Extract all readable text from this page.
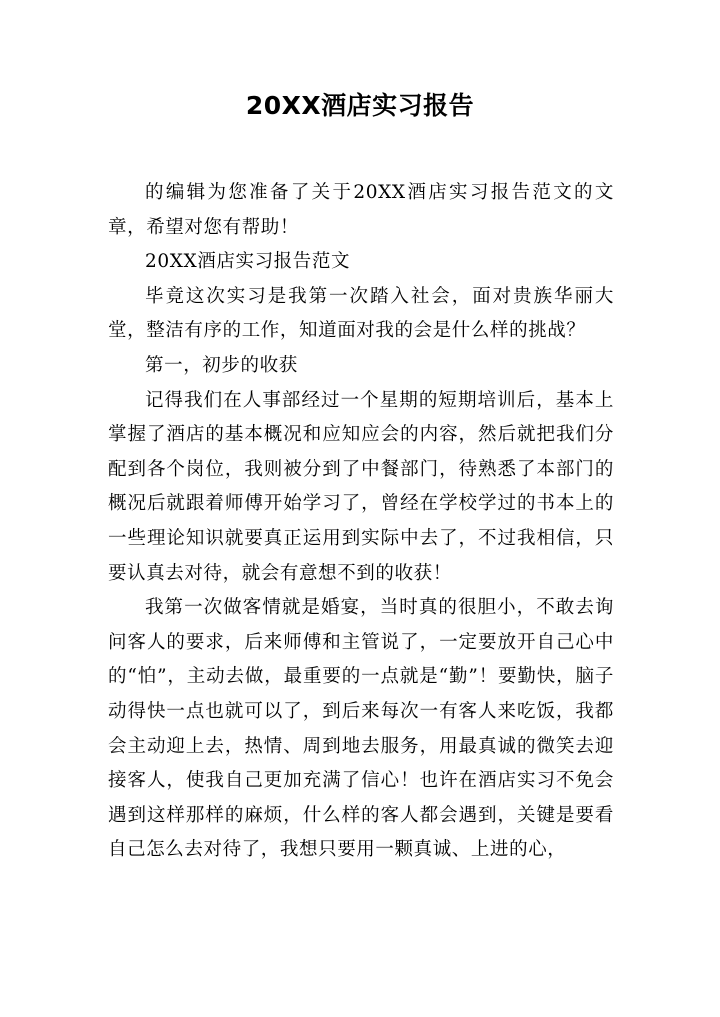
20XX酒店实习报告

的编辑为您准备了关于20XX酒店实习报告范文的文章，希望对您有帮助！

20XX酒店实习报告范文

毕竟这次实习是我第一次踏入社会，面对贵族华丽大堂，整洁有序的工作，知道面对我的会是什么样的挑战？

第一，初步的收获

记得我们在人事部经过一个星期的短期培训后，基本上掌握了酒店的基本概况和应知应会的内容，然后就把我们分配到各个岗位，我则被分到了中餐部门，待熟悉了本部门的概况后就跟着师傅开始学习了，曾经在学校学过的书本上的一些理论知识就要真正运用到实际中去了，不过我相信，只要认真去对待，就会有意想不到的收获！

我第一次做客情就是婚宴，当时真的很胆小，不敢去询问客人的要求，后来师傅和主管说了，一定要放开自己心中的“怕”，主动去做，最重要的一点就是“勤”！要勤快，脑子动得快一点也就可以了，到后来每次一有客人来吃饭，我都会主动迎上去，热情、周到地去服务，用最真诚的微笑去迎接客人，使我自己更加充满了信心！也许在酒店实习不免会遇到这样那样的麻烦，什么样的客人都会遇到，关键是要看自己怎么去对待了，我想只要用一颗真诚、上进的心，
